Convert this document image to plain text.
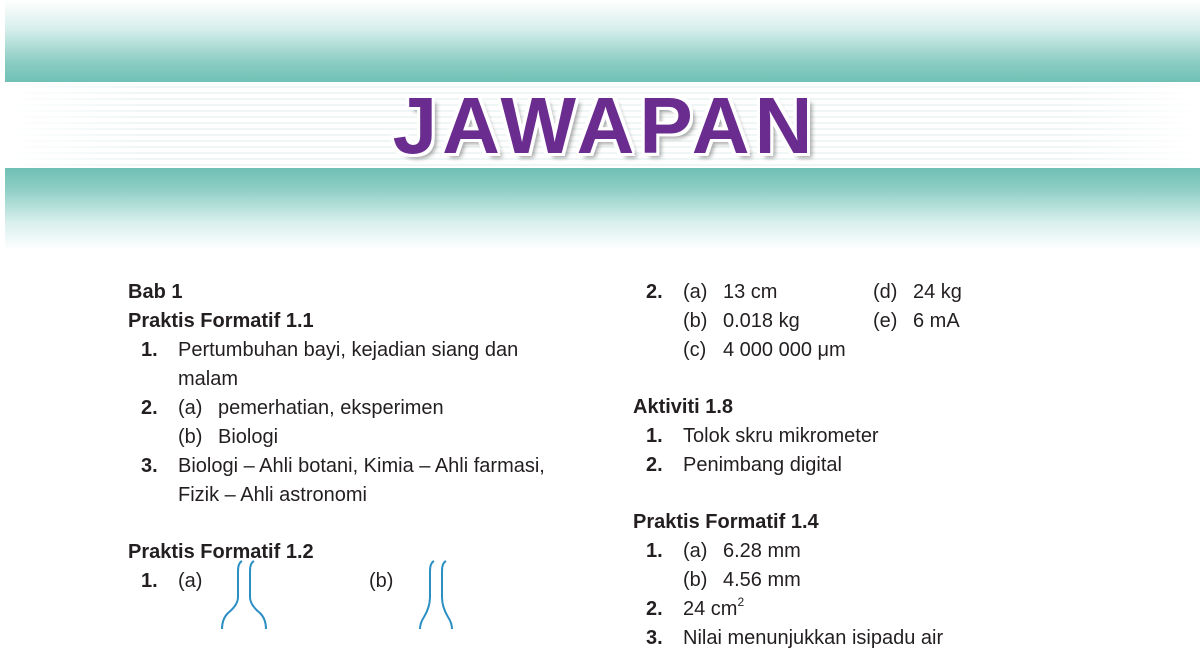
JAWAPAN

Bab 1

Praktis Formatif 1.1

1. Pertumbuhan bayi, kejadian siang dan malam
2. (a) pemerhatian, eksperimen
(b) Biologi
3. Biologi – Ahli botani, Kimia – Ahli farmasi, Fizik – Ahli astronomi

Praktis Formatif 1.2

1. (a)	(b)
2. (a) 13 cm	(d) 24 kg
(b) 0.018 kg	(e) 6 mA
(c) 4 000 000 μm

Aktiviti 1.8

1. Tolok skru mikrometer
2. Penimbang digital

Praktis Formatif 1.4

1. (a) 6.28 mm
(b) 4.56 mm
2. 24 $cm^2$
3. Nilai menunjukkan isipadu air
